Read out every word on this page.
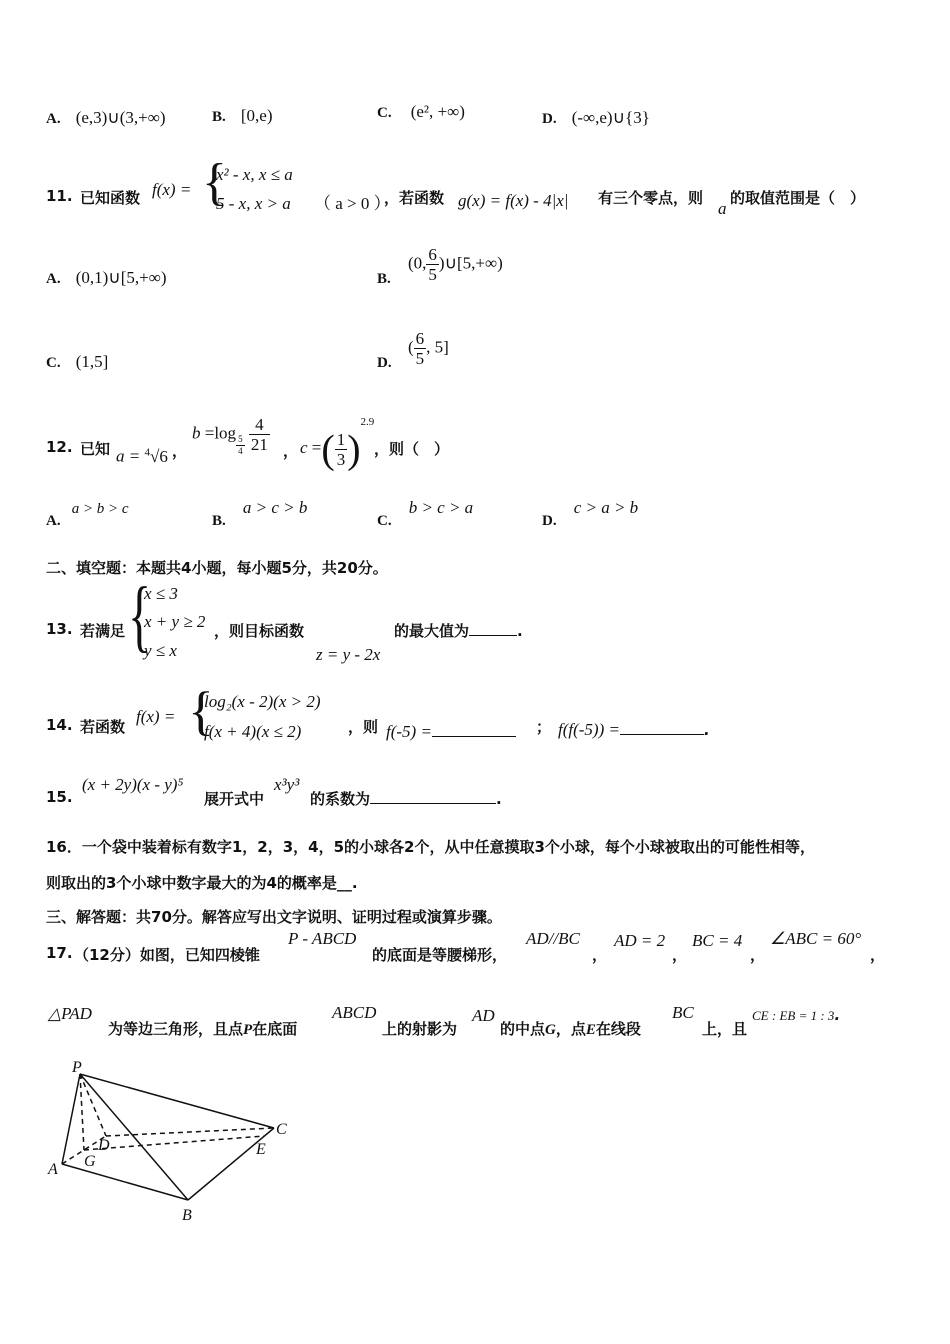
A. (e,3)∪(3,+∞)	B. [0,e)	C. (e², +∞)	D. (-∞,e)∪{3}
11. 已知函数 f(x) = {
x² - x, x ≤ a
5 - x, x > a （ a > 0 ）
，若函数 g(x) = f(x) - 4|x| 有三个零点，则
a
的取值范围是（　）
A. (0,1)∪[5,+∞)	B.
(0, $\frac{6}{5}$ )∪[5,+∞)
C. (1,5]	D.
( $\frac{6}{5}$ , 5]
12. 已知 a = $^4$√6 ，
b =log
$_{\frac{5}{4}}$
$\frac{4}{21}$ ， c =( $\frac{1}{3} )^{2.9}$
，则（　）
A. a > b > c
B. a > c > b
C. b > c > a
D. c > a > b
二、填空题：本题共4小题，每小题5分，共20分。
13. 若满足 {
x ≤ 3
x + y ≥ 2
y ≤ x
，则目标函数
z = y - 2x
的最大值为	.
14. 若函数
f(x) = {
log₂(x - 2)(x > 2)
f(x + 4)(x ≤ 2)	，则 f(-5) =	； f(f(-5)) =	.
15.
(x + 2y)(x - y)⁵
展开式中
x³y³
的系数为	.
16．一个袋中装着标有数字1，2，3，4，5的小球各2个，从中任意摸取3个小球，每个小球被取出的可能性相等，
则取出的3个小球中数字最大的为4的概率是__.
三、解答题：共70分。解答应写出文字说明、证明过程或演算步骤。
17. （12分）如图，已知四棱锥
P - ABCD
的底面是等腰梯形，
AD//BC
，
AD = 2
，
BC = 4
，
∠ABC = 60°
，
△PAD
为等边三角形，且点P在底面
ABCD
上的射影为
AD
的中点G，点E在线段
BC
上，且
CE : EB = 1 : 3.
P
A G
D
B
C
E
